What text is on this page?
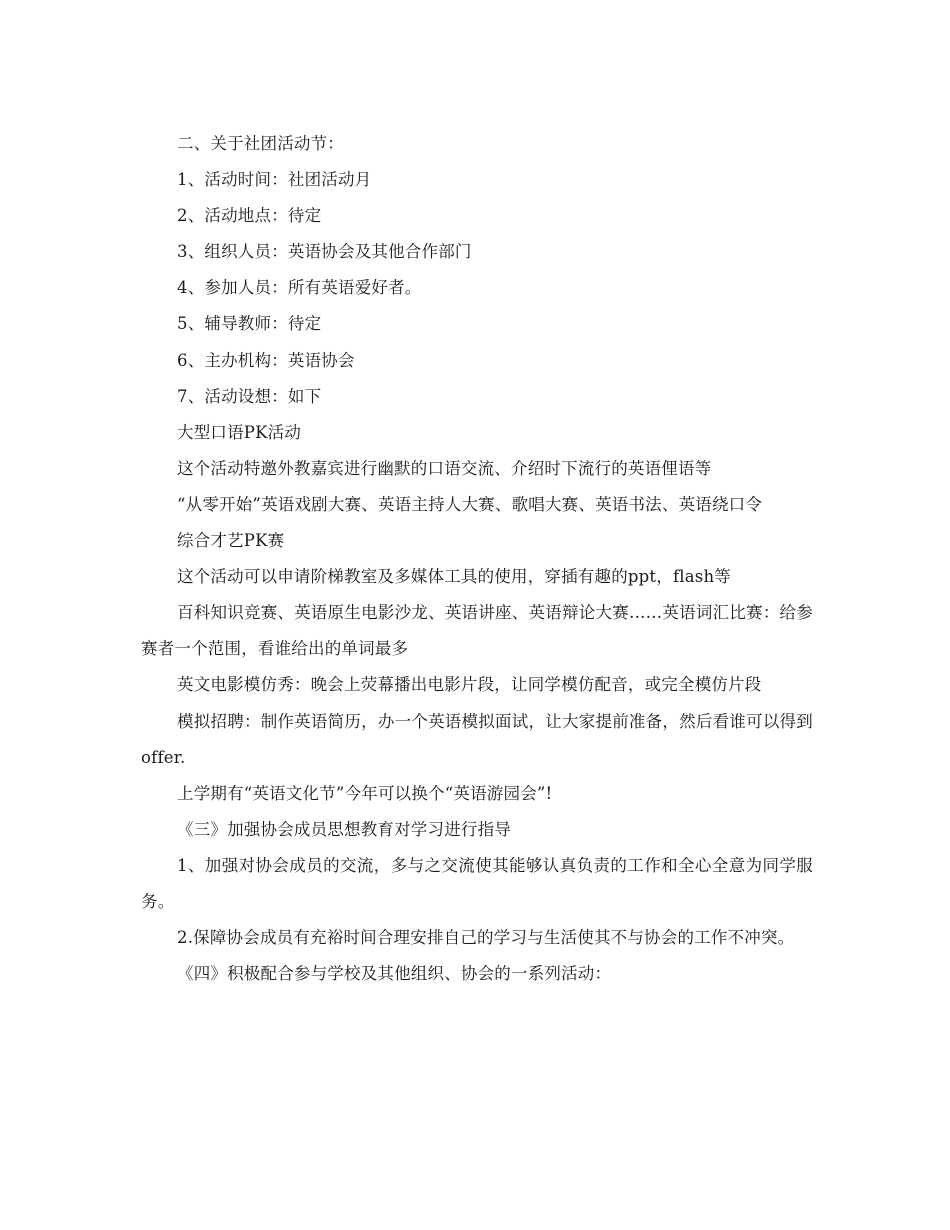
二、关于社团活动节：

1、活动时间：社团活动月

2、活动地点：待定

3、组织人员：英语协会及其他合作部门

4、参加人员：所有英语爱好者。

5、辅导教师：待定

6、主办机构：英语协会

7、活动设想：如下

大型口语PK活动

这个活动特邀外教嘉宾进行幽默的口语交流、介绍时下流行的英语俚语等

“从零开始”英语戏剧大赛、英语主持人大赛、歌唱大赛、英语书法、英语绕口令

综合才艺PK赛

这个活动可以申请阶梯教室及多媒体工具的使用，穿插有趣的ppt，flash等

百科知识竞赛、英语原生电影沙龙、英语讲座、英语辩论大赛……英语词汇比赛：给参赛者一个范围，看谁给出的单词最多

英文电影模仿秀：晚会上荧幕播出电影片段，让同学模仿配音，或完全模仿片段

模拟招聘：制作英语简历，办一个英语模拟面试，让大家提前准备，然后看谁可以得到offer.

上学期有“英语文化节”今年可以换个“英语游园会”!

《三》加强协会成员思想教育对学习进行指导

1、加强对协会成员的交流，多与之交流使其能够认真负责的工作和全心全意为同学服务。

2.保障协会成员有充裕时间合理安排自己的学习与生活使其不与协会的工作不冲突。

《四》积极配合参与学校及其他组织、协会的一系列活动：
